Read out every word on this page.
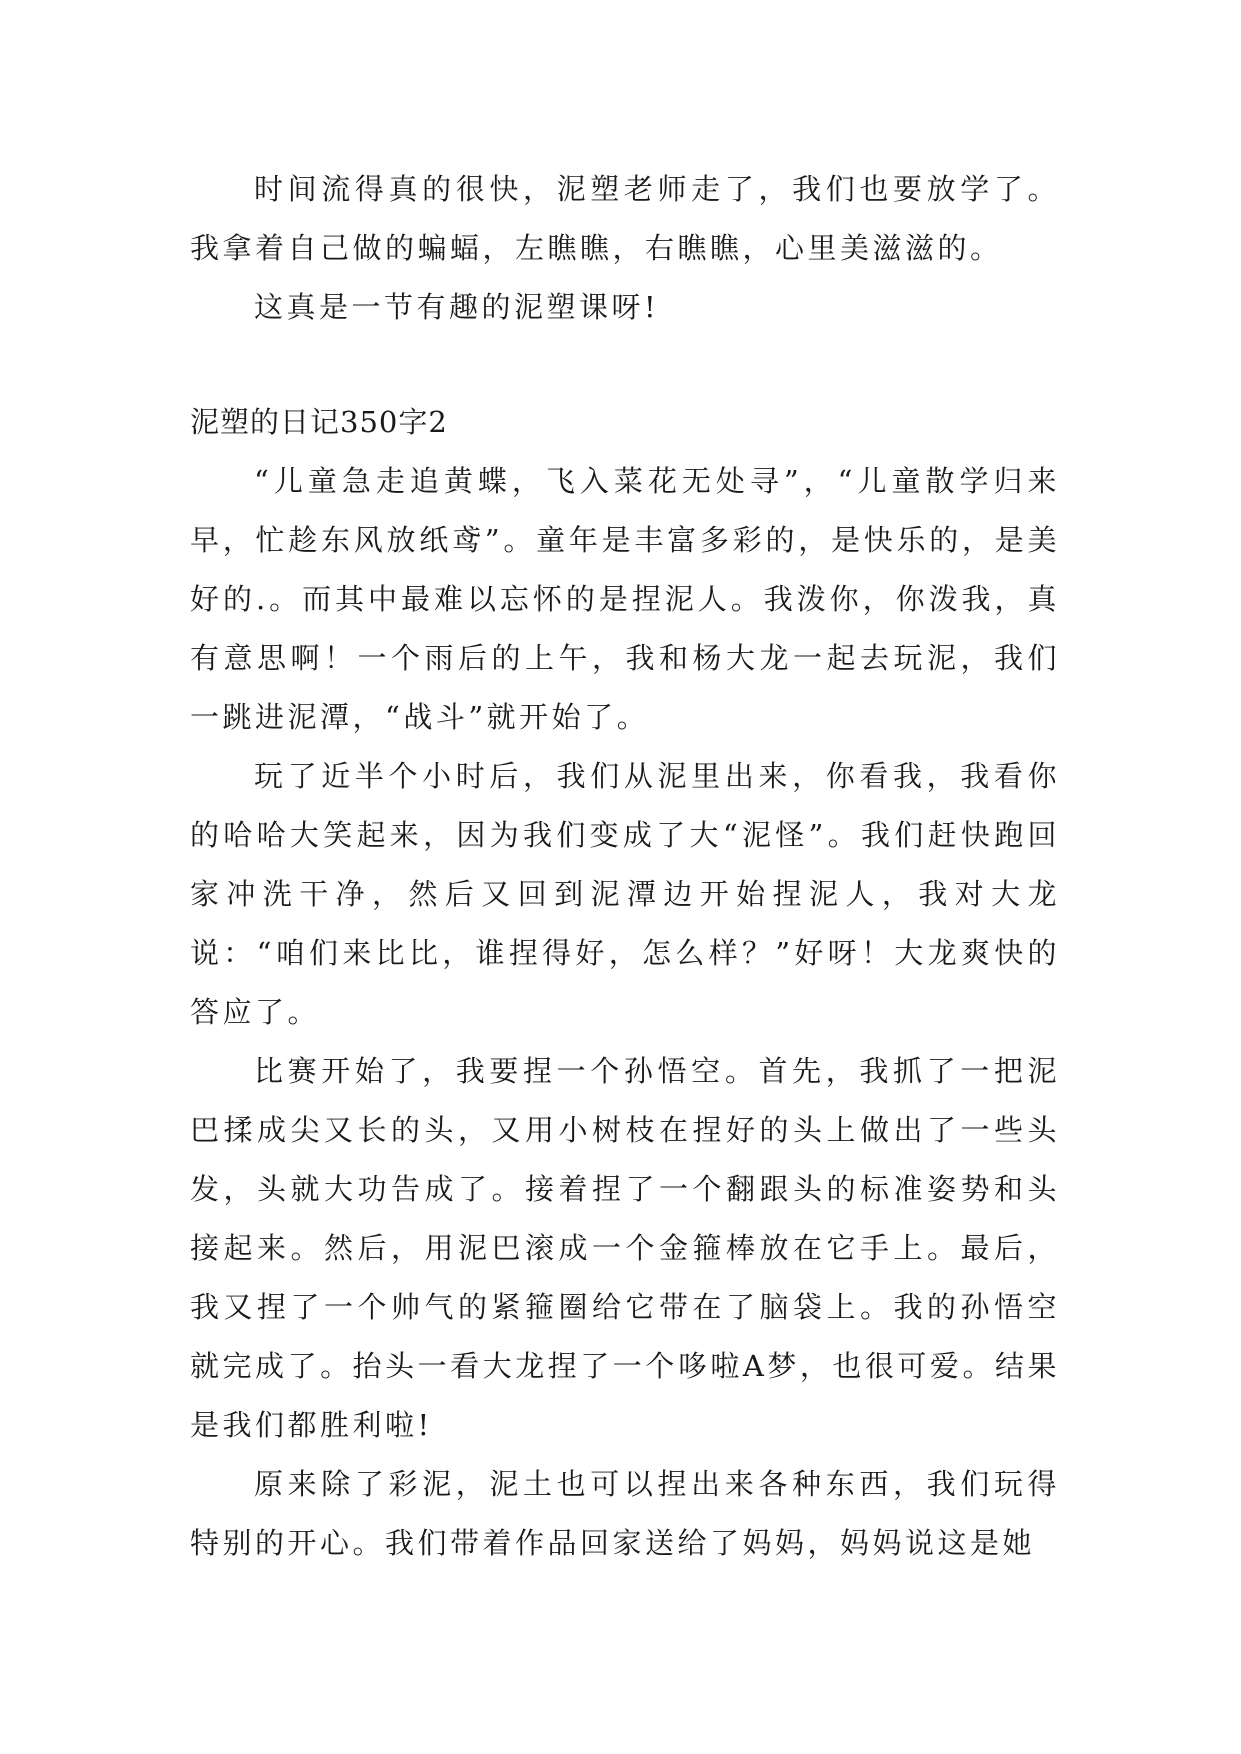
时间流得真的很快，泥塑老师走了，我们也要放学了。我拿着自己做的蝙蝠，左瞧瞧，右瞧瞧，心里美滋滋的。

这真是一节有趣的泥塑课呀!

泥塑的日记350字2

“儿童急走追黄蝶，飞入菜花无处寻”，“儿童散学归来早，忙趁东风放纸鸢”。童年是丰富多彩的，是快乐的，是美好的.。而其中最难以忘怀的是捏泥人。我泼你，你泼我，真有意思啊！一个雨后的上午，我和杨大龙一起去玩泥，我们一跳进泥潭，“战斗”就开始了。

玩了近半个小时后，我们从泥里出来，你看我，我看你的哈哈大笑起来，因为我们变成了大“泥怪”。我们赶快跑回家冲洗干净，然后又回到泥潭边开始捏泥人，我对大龙说：“咱们来比比，谁捏得好，怎么样？”好呀！大龙爽快的答应了。

比赛开始了，我要捏一个孙悟空。首先，我抓了一把泥巴揉成尖又长的头，又用小树枝在捏好的头上做出了一些头发，头就大功告成了。接着捏了一个翻跟头的标准姿势和头接起来。然后，用泥巴滚成一个金箍棒放在它手上。最后，我又捏了一个帅气的紧箍圈给它带在了脑袋上。我的孙悟空就完成了。抬头一看大龙捏了一个哆啦A梦，也很可爱。结果是我们都胜利啦!

原来除了彩泥，泥土也可以捏出来各种东西，我们玩得特别的开心。我们带着作品回家送给了妈妈，妈妈说这是她
